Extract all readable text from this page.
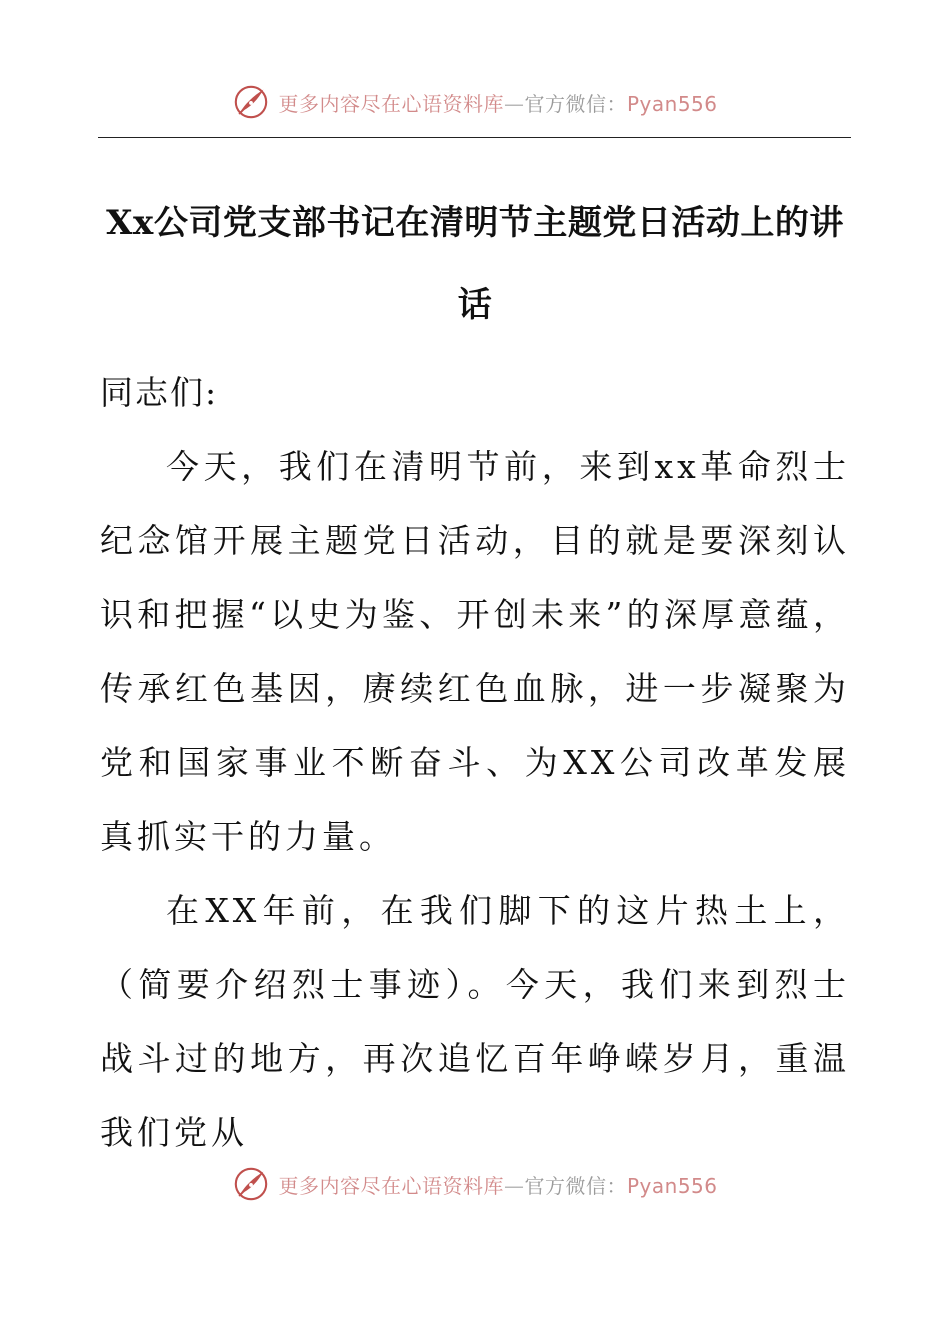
更多内容尽在心语资料库—官方微信：Pyan556
Xx公司党支部书记在清明节主题党日活动上的讲
话

同志们:

今天，我们在清明节前，来到xx革命烈士纪念馆开展主题党日活动，目的就是要深刻认识和把握“以史为鉴、开创未来”的深厚意蕴，传承红色基因，赓续红色血脉，进一步凝聚为党和国家事业不断奋斗、为XX公司改革发展真抓实干的力量。

在XX年前，在我们脚下的这片热土上，（简要介绍烈士事迹）。今天，我们来到烈士战斗过的地方，再次追忆百年峥嵘岁月，重温我们党从

更多内容尽在心语资料库—官方微信：Pyan556
